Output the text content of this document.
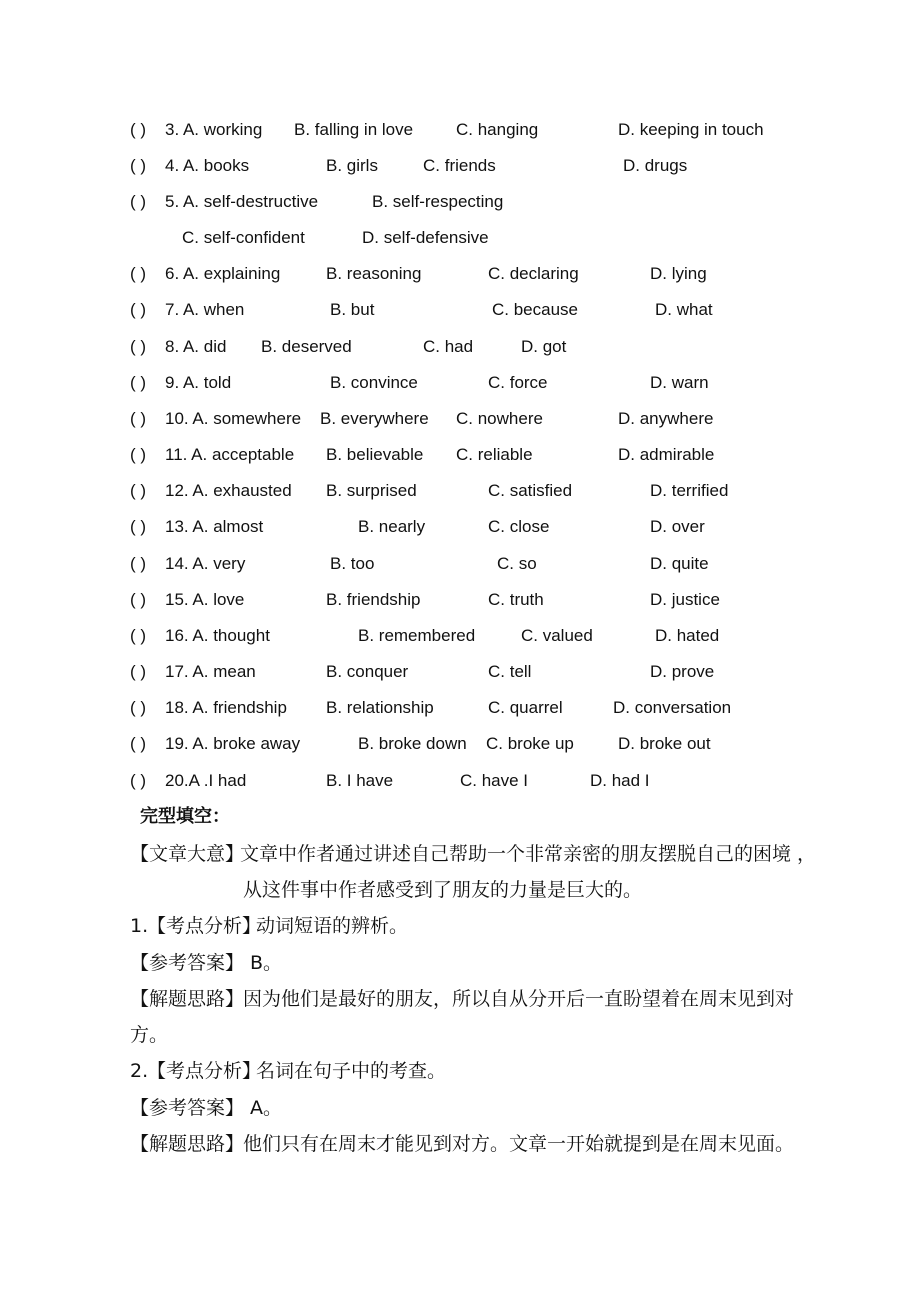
( ) 3. A. working B. falling in love	C. hanging	D. keeping in touch
( ) 4. A. books	B. girls	C. friends	D. drugs
( ) 5. A. self-destructive	B. self-respecting
C. self-confident	D. self-defensive
( ) 6. A. explaining	B. reasoning	C. declaring	D. lying
( ) 7. A. when	B. but	C. because	D. what
( ) 8. A. did B. deserved	C. had	D. got
( ) 9. A. told	B. convince	C. force	D. warn
( ) 10. A. somewhere B. everywhere C. nowhere	D. anywhere
( ) 11. A. acceptable B. believable C. reliable	D. admirable
( ) 12. A. exhausted B. surprised	C. satisfied	D. terrified
( ) 13. A. almost	B. nearly	C. close	D. over
( ) 14. A. very	B. too	C. so	D. quite
( ) 15. A. love	B. friendship	C. truth	D. justice
( ) 16. A. thought	B. remembered	C. valued	D. hated
( ) 17. A. mean	B. conquer	C. tell	D. prove
( ) 18. A. friendship B. relationship	C. quarrel	D. conversation
( ) 19. A. broke away	B. broke down C. broke up	D. broke out
( ) 20.A .I had	B. I have	C. have I	D. had I
完型填空：
【文章大意】
文章中作者通过讲述自己帮助一个非常亲密的朋友摆脱自己的困境 ，
从这件事中作者感受到了朋友的力量是巨大的。
1.
【考点分析】
动词短语的辨析。
【参考答案】 B。
【解题思路】
因为他们是最好的朋友，所以自从分开后一直盼望着在周末见到对
方。
2.
【考点分析】
名词在句子中的考查。
【参考答案】 A。
【解题思路】
他们只有在周末才能见到对方。文章一开始就提到是在周末见面。
